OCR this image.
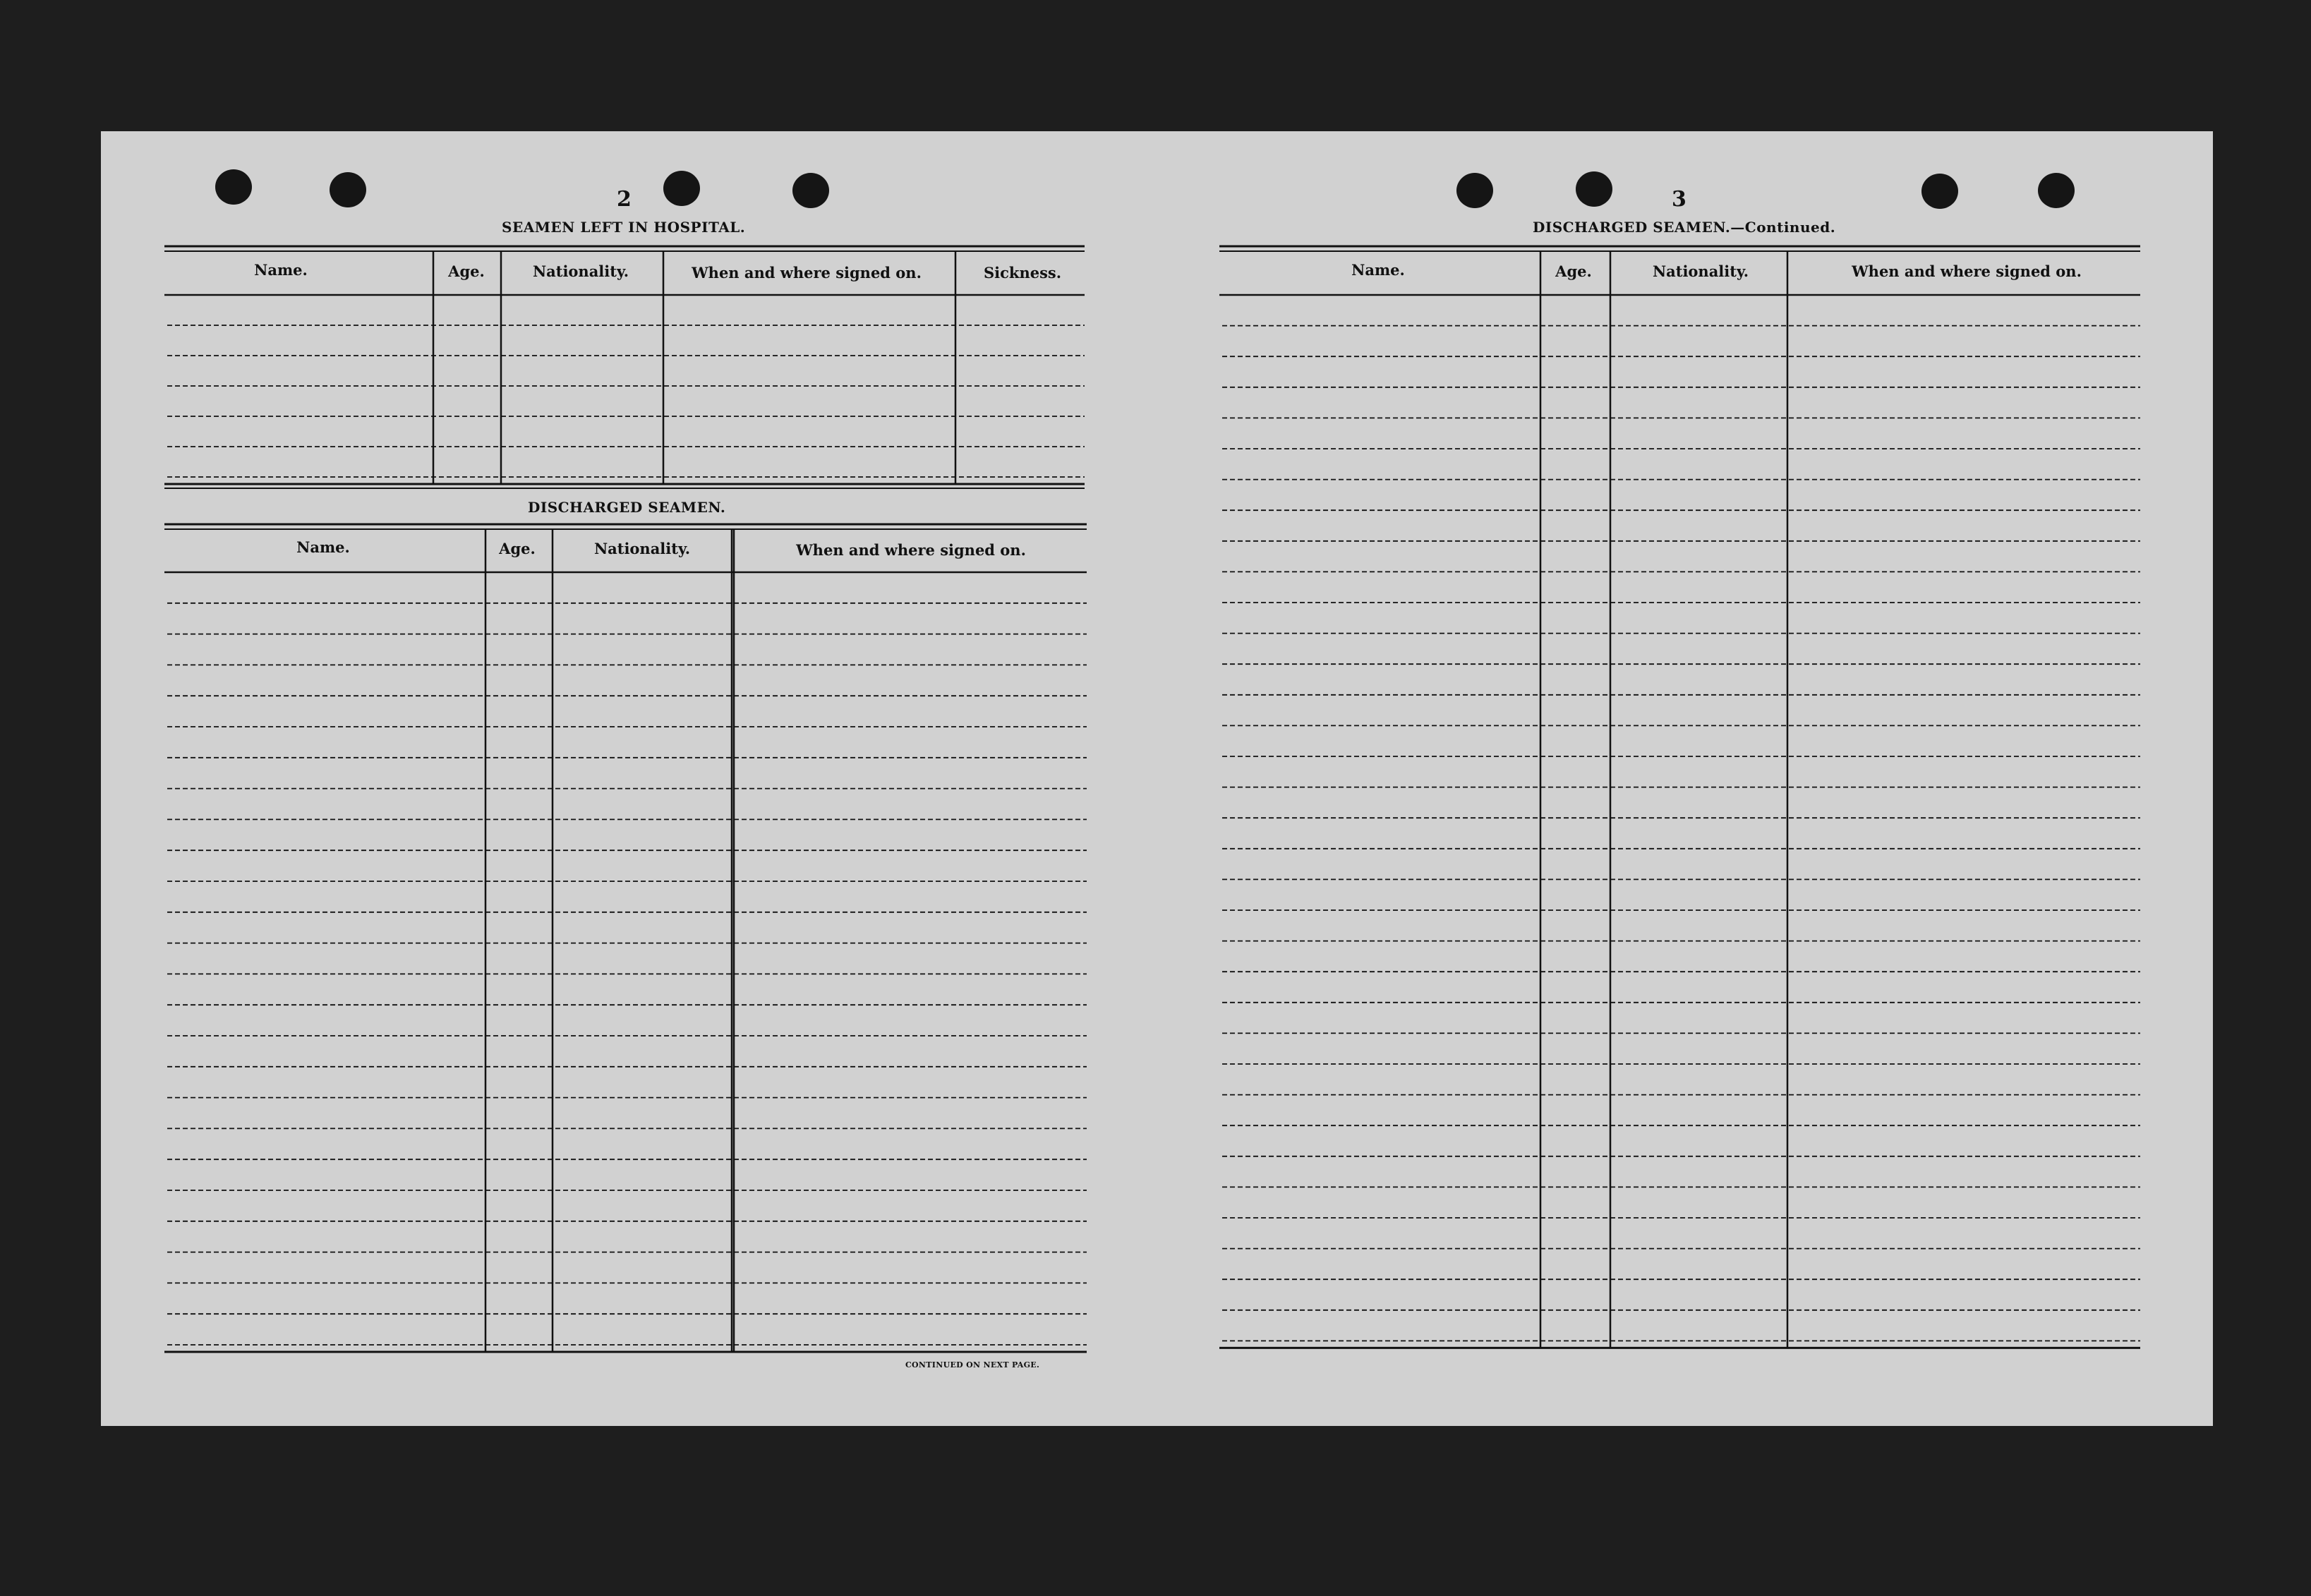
2
SEAMEN LEFT IN HOSPITAL.
DISCHARGED SEAMEN.
Name.	Age.	Nationality.	When and where signed on.	Sickness.
Name.	Age.	Nationality.	When and where signed on.
CONTINUED ON NEXT PAGE.
3
DISCHARGED SEAMEN.—Continued.
Name.	Age.	Nationality.	When and where signed on.
